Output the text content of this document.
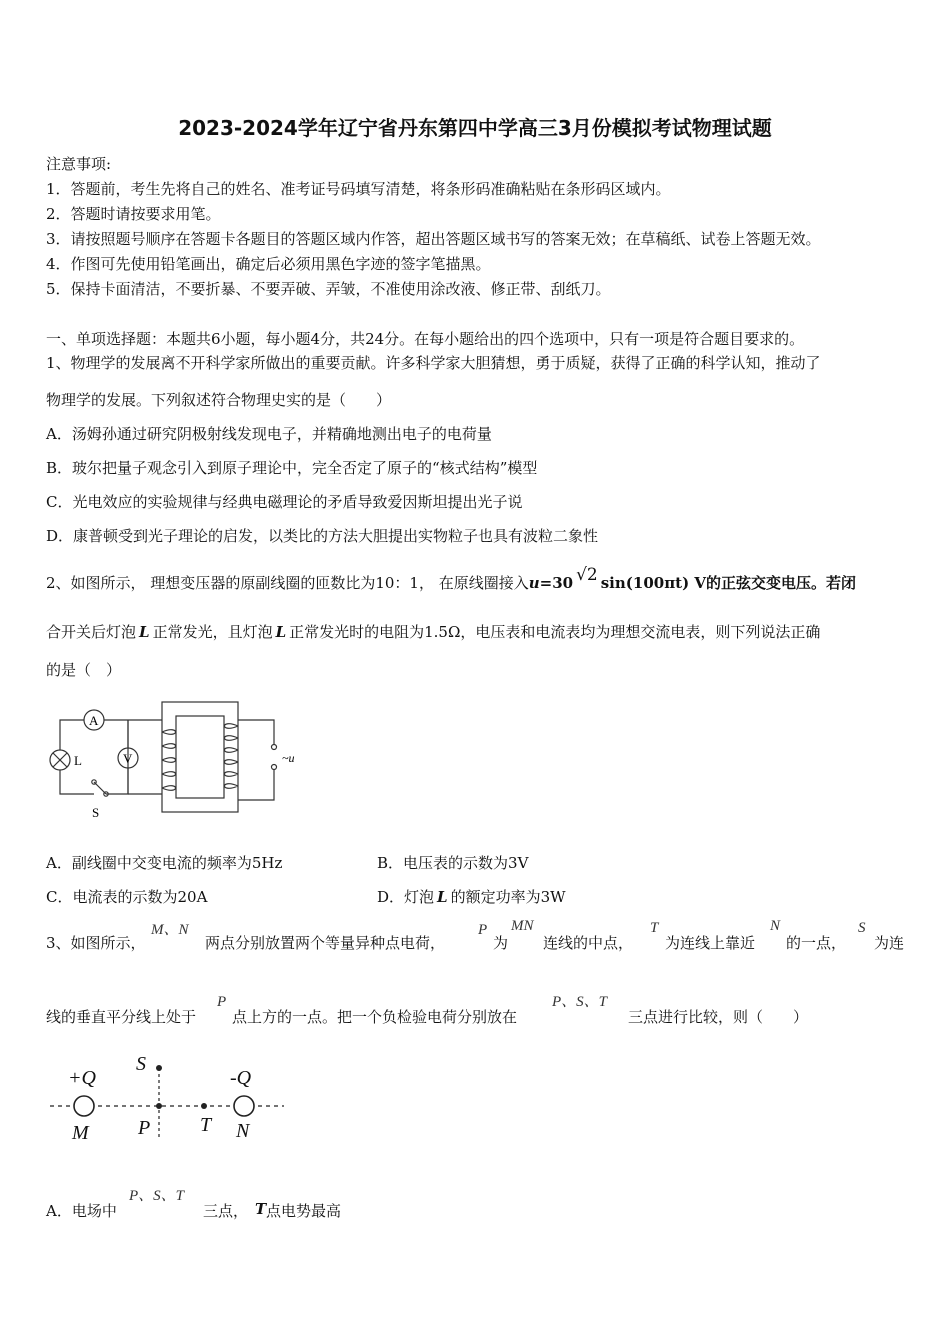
2023-2024学年辽宁省丹东第四中学高三3月份模拟考试物理试题
注意事项:
1．答题前，考生先将自己的姓名、准考证号码填写清楚，将条形码准确粘贴在条形码区域内。
2．答题时请按要求用笔。
3．请按照题号顺序在答题卡各题目的答题区域内作答，超出答题区域书写的答案无效；在草稿纸、试卷上答题无效。
4．作图可先使用铅笔画出，确定后必须用黑色字迹的签字笔描黑。
5．保持卡面清洁，不要折暴、不要弄破、弄皱，不准使用涂改液、修正带、刮纸刀。
一、单项选择题：本题共6小题，每小题4分，共24分。在每小题给出的四个选项中，只有一项是符合题目要求的。
1、物理学的发展离不开科学家所做出的重要贡献。许多科学家大胆猜想，勇于质疑，获得了正确的科学认知，推动了
物理学的发展。下列叙述符合物理史实的是（　　）
A．汤姆孙通过研究阴极射线发现电子，并精确地测出电子的电荷量
B．玻尔把量子观念引入到原子理论中，完全否定了原子的“核式结构”模型
C．光电效应的实验规律与经典电磁理论的矛盾导致爱因斯坦提出光子说
D．康普顿受到光子理论的启发，以类比的方法大胆提出实物粒子也具有波粒二象性
2、如图所示， 理想变压器的原副线圈的匝数比为10：1， 在原线圈接入u=30 √2 sin(100πt) V的正弦交变电压。若闭
合开关后灯泡 L 正常发光，且灯泡 L 正常发光时的电阻为1.5Ω，电压表和电流表均为理想交流电表，则下列说法正确
的是（　）
A
V
L
S
~u
A．副线圈中交变电流的频率为5Hz	B．电压表的示数为3V
C．电流表的示数为20A	D．灯泡 L 的额定功率为3W
3、如图所示，
M、N
两点分别放置两个等量异种点电荷，
P
为
MN
连线的中点，
T
为连线上靠近
N
的一点，
S
为连
线的垂直平分线上处于
P
点上方的一点。把一个负检验电荷分别放在
P、S、T
三点进行比较，则（　　）
+Q	-Q
S
M P T N
A．电场中
P、S、T
三点， T 点电势最高
